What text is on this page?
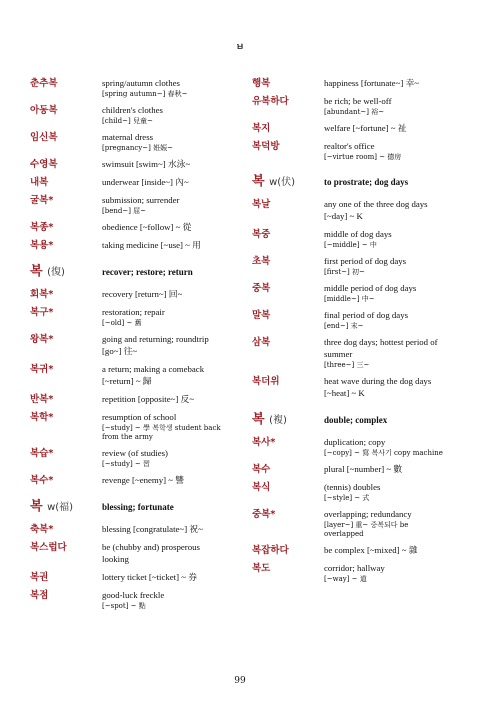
ㅂ
춘추복	spring/autumn clothes
[spring autumn~] 春秋~
아동복	children's clothes
[child~] 兒童~
임신복	maternal dress
[pregnancy~] 姙娠~
수영복	swimsuit [swim~] 水泳~
내복	underwear [inside~] 內~
굴복*	submission; surrender
[bend~] 屈~
복종*	obedience [~follow] ~ 從
복용*	taking medicine [~use] ~ 用
복 (復)	recover; restore; return
회복*	recovery [return~] 回~
복구*	restoration; repair
[~old] ~ 舊
왕복*	going and returning; roundtrip [go~] 往~
복귀*	a return; making a comeback [~return] ~ 歸
반복*	repetition [opposite~] 反~
복학*	resumption of school
[~study] ~ 學 복학생 student back from the army
복습*	review (of studies)
[~study] ~ 習
복수*	revenge [~enemy] ~ 讐
복 w(福)	blessing; fortunate
축복*	blessing [congratulate~] 祝~
복스럽다	be (chubby and) prosperous looking
복권	lottery ticket [~ticket] ~ 券
복점	good-luck freckle
[~spot] ~ 點
행복	happiness [fortunate~] 幸~
유복하다	be rich; be well-off
[abundant~] 裕~
복지	welfare [~fortune] ~ 祉
복덕방	realtor's office
[~virtue room] ~ 德房
복 w(伏)	to prostrate; dog days
복날	any one of the three dog days [~day] ~ K
복중	middle of dog days
[~middle] ~ 中
초복	first period of dog days
[first~] 初~
중복	middle period of dog days
[middle~] 中~
말복	final period of dog days
[end~] 末~
삼복	three dog days; hottest period of summer
[three~] 三~
복더위	heat wave during the dog days [~heat] ~ K
복 (複)	double; complex
복사*	duplication; copy
[~copy] ~ 寫 복사기 copy machine
복수	plural [~number] ~ 數
복식	(tennis) doubles
[~style] ~ 式
중복*	overlapping; redundancy
[layer~] 重~ 중복되다 be overlapped
복잡하다	be complex [~mixed] ~ 雜
복도	corridor; hallway
[~way] ~ 道
99
